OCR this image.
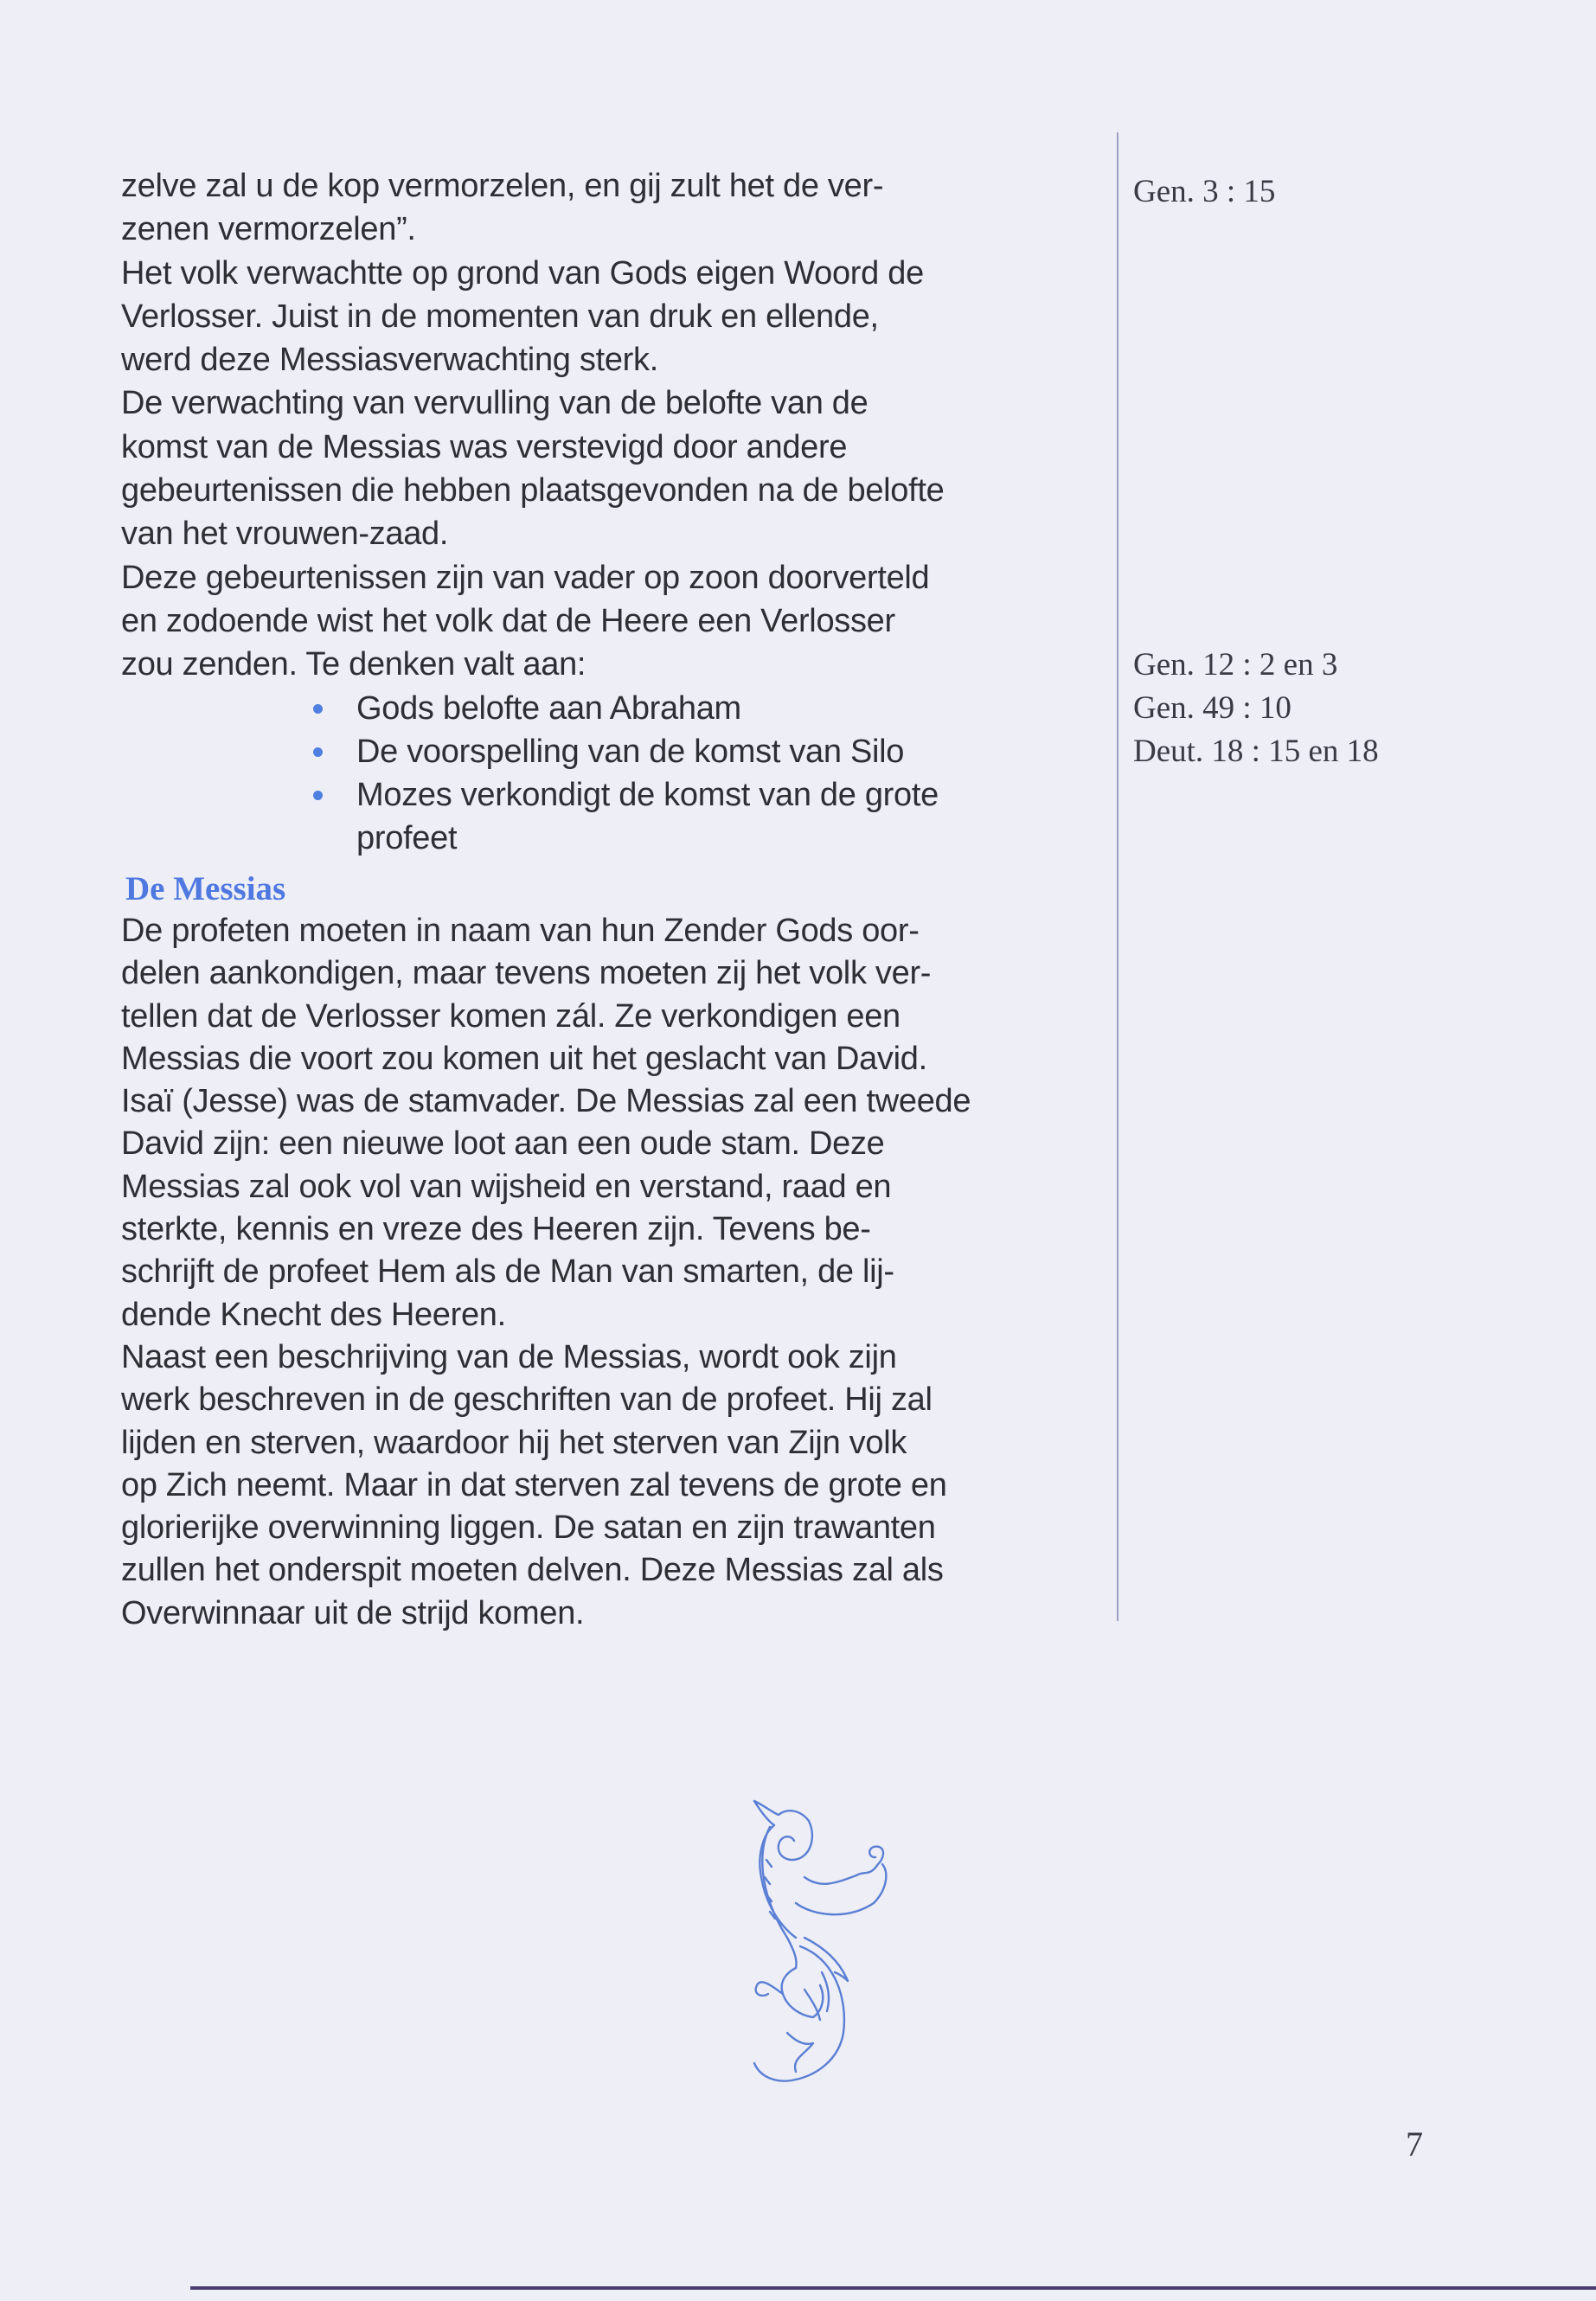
zelve zal u de kop vermorzelen, en gij zult het de ver-
zenen vermorzelen”.
Het volk verwachtte op grond van Gods eigen Woord de
Verlosser. Juist in de momenten van druk en ellende,
werd deze Messiasverwachting sterk.
De verwachting van vervulling van de belofte van de
komst van de Messias was verstevigd door andere
gebeurtenissen die hebben plaatsgevonden na de belofte
van het vrouwen-zaad.
Deze gebeurtenissen zijn van vader op zoon doorverteld
en zodoende wist het volk dat de Heere een Verlosser
zou zenden. Te denken valt aan:
Gods belofte aan Abraham
De voorspelling van de komst van Silo
Mozes verkondigt de komst van de grote
profeet
De Messias
De profeten moeten in naam van hun Zender Gods oor-
delen aankondigen, maar tevens moeten zij het volk ver-
tellen dat de Verlosser komen zál. Ze verkondigen een
Messias die voort zou komen uit het geslacht van David.
Isaï (Jesse) was de stamvader. De Messias zal een tweede
David zijn: een nieuwe loot aan een oude stam. Deze
Messias zal ook vol van wijsheid en verstand, raad en
sterkte, kennis en vreze des Heeren zijn. Tevens be-
schrijft de profeet Hem als de Man van smarten, de lij-
dende Knecht des Heeren.
Naast een beschrijving van de Messias, wordt ook zijn
werk beschreven in de geschriften van de profeet. Hij zal
lijden en sterven, waardoor hij het sterven van Zijn volk
op Zich neemt. Maar in dat sterven zal tevens de grote en
glorierijke overwinning liggen. De satan en zijn trawanten
zullen het onderspit moeten delven. Deze Messias zal als
Overwinnaar uit de strijd komen.
Gen. 3 : 15
Gen. 12 : 2 en 3
Gen. 49 : 10
Deut. 18 : 15 en 18
7
